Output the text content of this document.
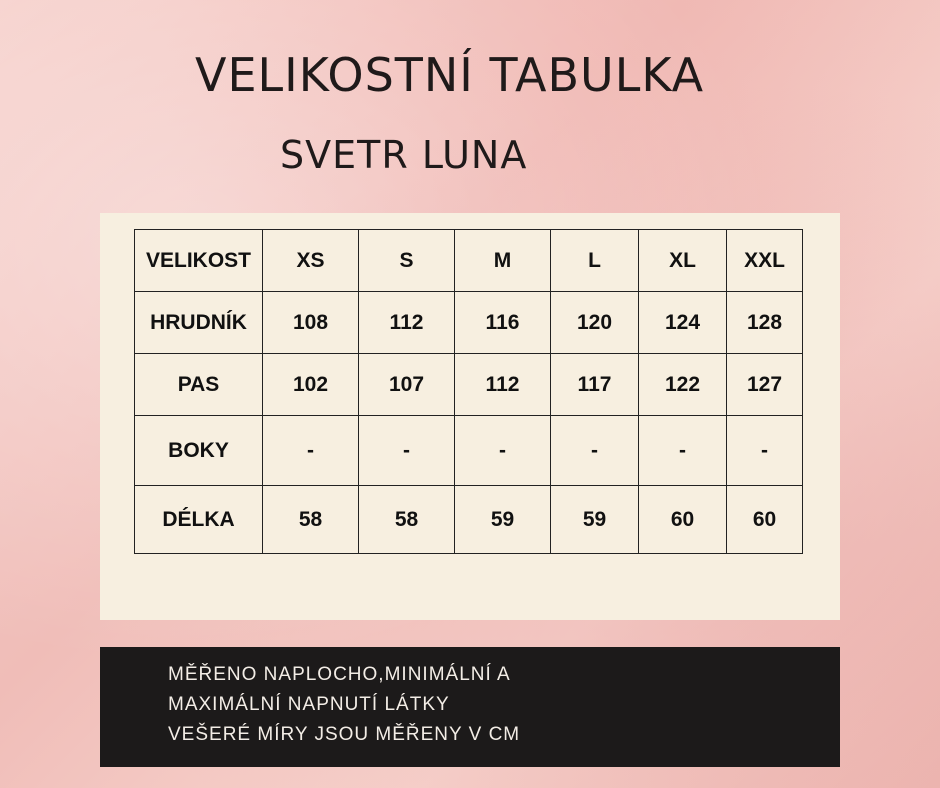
VELIKOSTNÍ TABULKA
SVETR LUNA
VELIKOST	XS	S	M	L	XL	XXL
HRUDNÍK	108	112	116	120	124	128
PAS	102	107	112	117	122	127
BOKY	-	-	-	-	-	-
DÉLKA	58	58	59	59	60	60
MĚŘENO NAPLOCHO,MINIMÁLNÍ A
MAXIMÁLNÍ NAPNUTÍ LÁTKY
VEŠERÉ MÍRY JSOU MĚŘENY V CM
